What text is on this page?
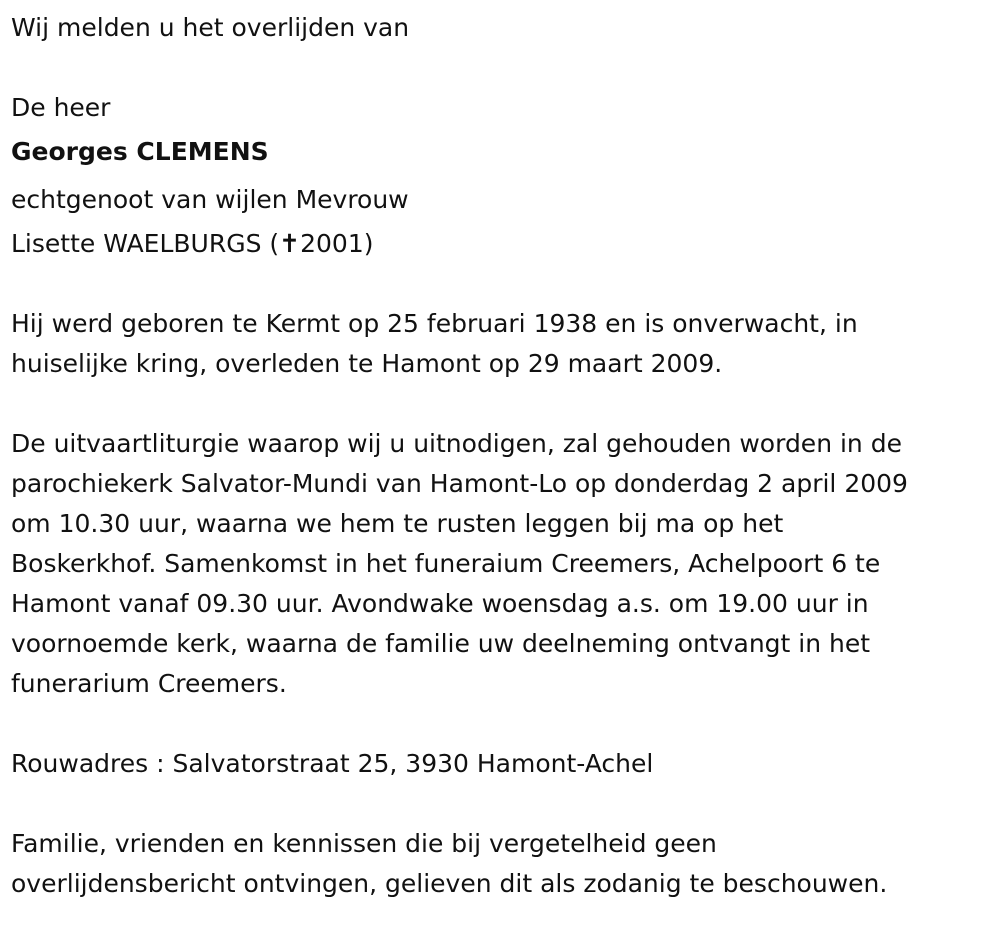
Wij melden u het overlijden van

De heer

Georges CLEMENS

echtgenoot van wijlen Mevrouw

Lisette WAELBURGS (✝2001)

Hij werd geboren te Kermt op 25 februari 1938 en is onverwacht, in

huiselijke kring, overleden te Hamont op 29 maart 2009.

De uitvaartliturgie waarop wij u uitnodigen, zal gehouden worden in de

parochiekerk Salvator-Mundi van Hamont-Lo op donderdag 2 april 2009

om 10.30 uur, waarna we hem te rusten leggen bij ma op het

Boskerkhof. Samenkomst in het funeraium Creemers, Achelpoort 6 te

Hamont vanaf 09.30 uur. Avondwake woensdag a.s. om 19.00 uur in

voornoemde kerk, waarna de familie uw deelneming ontvangt in het

funerarium Creemers.

Rouwadres : Salvatorstraat 25, 3930 Hamont-Achel

Familie, vrienden en kennissen die bij vergetelheid geen

overlijdensbericht ontvingen, gelieven dit als zodanig te beschouwen.
